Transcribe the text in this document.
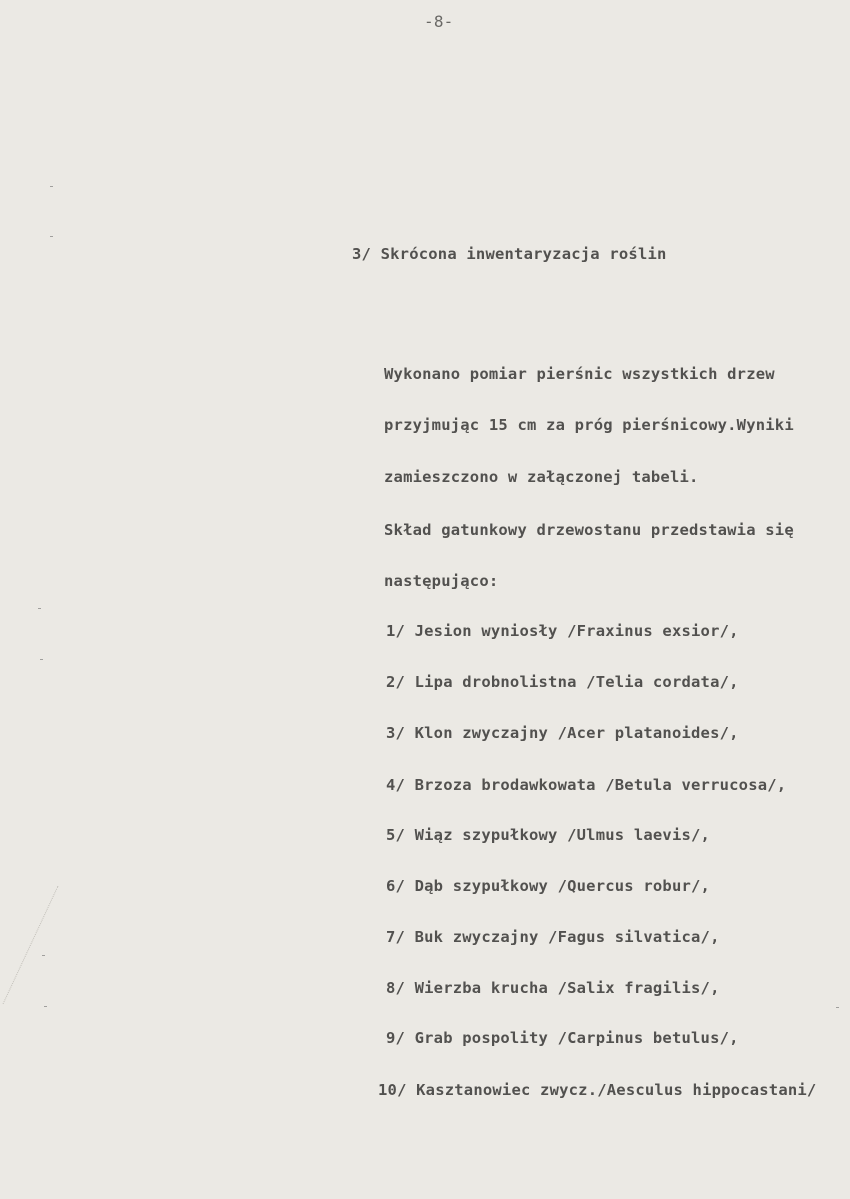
-8-
3/ Skrócona inwentaryzacja roślin
Wykonano pomiar pierśnic wszystkich drzew
przyjmując 15 cm za próg pierśnicowy.Wyniki
zamieszczono w załączonej tabeli.
Skład gatunkowy drzewostanu przedstawia się
następująco:
1/ Jesion wyniosły /Fraxinus exsior/,
2/ Lipa drobnolistna /Telia cordata/,
3/ Klon zwyczajny /Acer platanoides/,
4/ Brzoza brodawkowata /Betula verrucosa/,
5/ Wiąz szypułkowy /Ulmus laevis/,
6/ Dąb szypułkowy /Quercus robur/,
7/ Buk zwyczajny /Fagus silvatica/,
8/ Wierzba krucha /Salix fragilis/,
9/ Grab pospolity /Carpinus betulus/,
10/ Kasztanowiec zwycz./Aesculus hippocastani/
